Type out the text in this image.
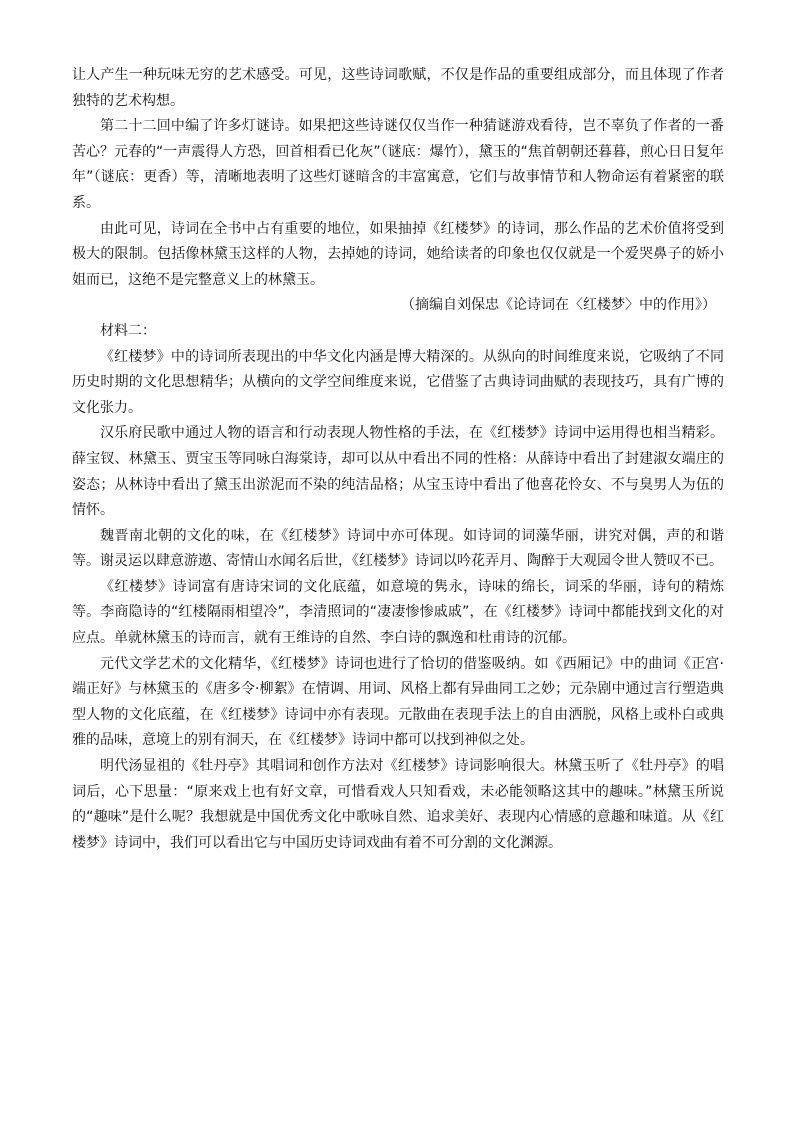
让人产生一种玩味无穷的艺术感受。可见，这些诗词歌赋，不仅是作品的重要组成部分，而且体现了作者独特的艺术构想。

第二十二回中编了许多灯谜诗。如果把这些诗谜仅仅当作一种猜谜游戏看待，岂不辜负了作者的一番苦心？元春的“一声震得人方恐，回首相看已化灰”（谜底：爆竹），黛玉的“焦首朝朝还暮暮，煎心日日复年年”（谜底：更香）等，清晰地表明了这些灯谜暗含的丰富寓意，它们与故事情节和人物命运有着紧密的联系。

由此可见，诗词在全书中占有重要的地位，如果抽掉《红楼梦》的诗词，那么作品的艺术价值将受到极大的限制。包括像林黛玉这样的人物，去掉她的诗词，她给读者的印象也仅仅就是一个爱哭鼻子的娇小姐而已，这绝不是完整意义上的林黛玉。

（摘编自刘保忠《论诗词在〈红楼梦〉中的作用》）

材料二：

《红楼梦》中的诗词所表现出的中华文化内涵是博大精深的。从纵向的时间维度来说，它吸纳了不同历史时期的文化思想精华；从横向的文学空间维度来说，它借鉴了古典诗词曲赋的表现技巧，具有广博的文化张力。

汉乐府民歌中通过人物的语言和行动表现人物性格的手法，在《红楼梦》诗词中运用得也相当精彩。薛宝钗、林黛玉、贾宝玉等同咏白海棠诗，却可以从中看出不同的性格：从薛诗中看出了封建淑女端庄的姿态；从林诗中看出了黛玉出淤泥而不染的纯洁品格；从宝玉诗中看出了他喜花怜女、不与臭男人为伍的情怀。

魏晋南北朝的文化的味，在《红楼梦》诗词中亦可体现。如诗词的词藻华丽，讲究对偶，声的和谐等。谢灵运以肆意游遨、寄情山水闻名后世，《红楼梦》诗词以吟花弄月、陶醉于大观园令世人赞叹不已。

《红楼梦》诗词富有唐诗宋词的文化底蕴，如意境的隽永，诗味的绵长，词采的华丽，诗句的精炼等。李商隐诗的“红楼隔雨相望冷”，李清照词的“凄凄惨惨戚戚”，在《红楼梦》诗词中都能找到文化的对应点。单就林黛玉的诗而言，就有王维诗的自然、李白诗的飘逸和杜甫诗的沉郁。

元代文学艺术的文化精华，《红楼梦》诗词也进行了恰切的借鉴吸纳。如《西厢记》中的曲词《正宫·端正好》与林黛玉的《唐多令·柳絮》在情调、用词、风格上都有异曲同工之妙；元杂剧中通过言行塑造典型人物的文化底蕴，在《红楼梦》诗词中亦有表现。元散曲在表现手法上的自由洒脱，风格上或朴白或典雅的品味，意境上的别有洞天，在《红楼梦》诗词中都可以找到神似之处。

明代汤显祖的《牡丹亭》其唱词和创作方法对《红楼梦》诗词影响很大。林黛玉听了《牡丹亭》的唱词后，心下思量：“原来戏上也有好文章，可惜看戏人只知看戏，未必能领略这其中的趣味。”林黛玉所说的“趣味”是什么呢？我想就是中国优秀文化中歌咏自然、追求美好、表现内心情感的意趣和味道。从《红楼梦》诗词中，我们可以看出它与中国历史诗词戏曲有着不可分割的文化渊源。
